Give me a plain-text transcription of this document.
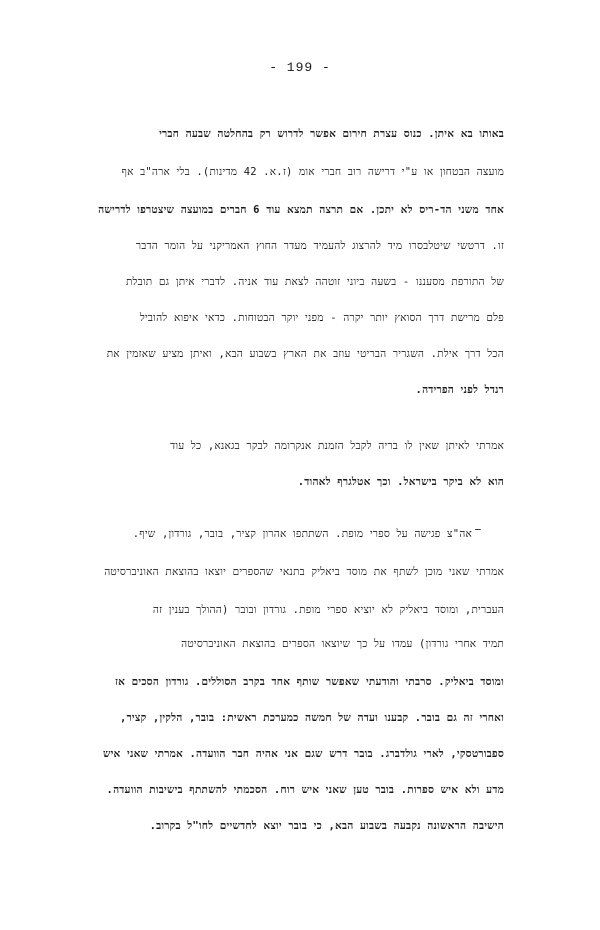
- 199 -
באותו בא איתן. כנוס עצרת חירום אפשר לדרוש רק בהחלטה שבעה חברי
מועצה הבטחון או ע"י דרישה רוב חברי אומ (ז.א. 42 מדינות). בלי ארה"ב אף
אחד משני הד-ריס לא יתכן. אם תרצה תמצא עוד 6 חברים במועצה שיצטרפו לדרישה
זו. דרטשי שיטלבסרו מיד להרצוג להעמיד מעדר החוץ האמריקני על הומר הדבר
של התורפת מסעננו - בשעה ביוני זוטהה לצאת עוד אניה. לדברי איתן גם תובלת
פלם מרישת דרך הסואץ יותר יקרה - מפני יוקר הבטוחות. כדאי איפוא להוביל
הכל דרך אילת. השגריר הבריטי עוזב את הארץ בשבוע הבא, ואיתן מציע שאזמין את
רנדל לפני הפרידה.
אמרתי לאיתן שאין לו בריה לקבל הזמנת אנקרומה לבקר בגאנא, כל עוד
הוא לא ביקר בישראל. וכך אטלגרף לאהוד.
–
אה"צ פגישה על ספרי מופת. השתתפו אהרון קציר, בובר, גורדון, שיף.
אמרתי שאני מוכן לשתף את מוסד ביאליק בתנאי שהספרים יוצאו בהוצאת האוניברסיטה
העברית, ומוסד ביאליק לא יוציא ספרי מופת. גורדון ובובר (ההולך בענין זה
תמיד אחרי גורדון) עמדו על כך שיוצאו הספרים בהוצאת האוניברסיטה
ומוסד ביאליק. סרבתי והודעתי שאפשר שותף אחד בקרב הסוללים. גורדון הסכים אז
ואחרי זה גם בובר. קבענו ועדה של חמשה כמערכת ראשית: בובר, הלקין, קציר,
ספבורטסקי, לארי גולדברג. בובר דרש שגם אני אהיה חבר הוועדה. אמרתי שאני איש
מדע ולא איש ספרות. בובר טען שאני איש רוח. הסכמתי להשתתף בישיבות הוועדה.
הישיבה הראשונה נקבעה בשבוע הבא, כי בובר יוצא לחדשיים לחו"ל בקרוב.
